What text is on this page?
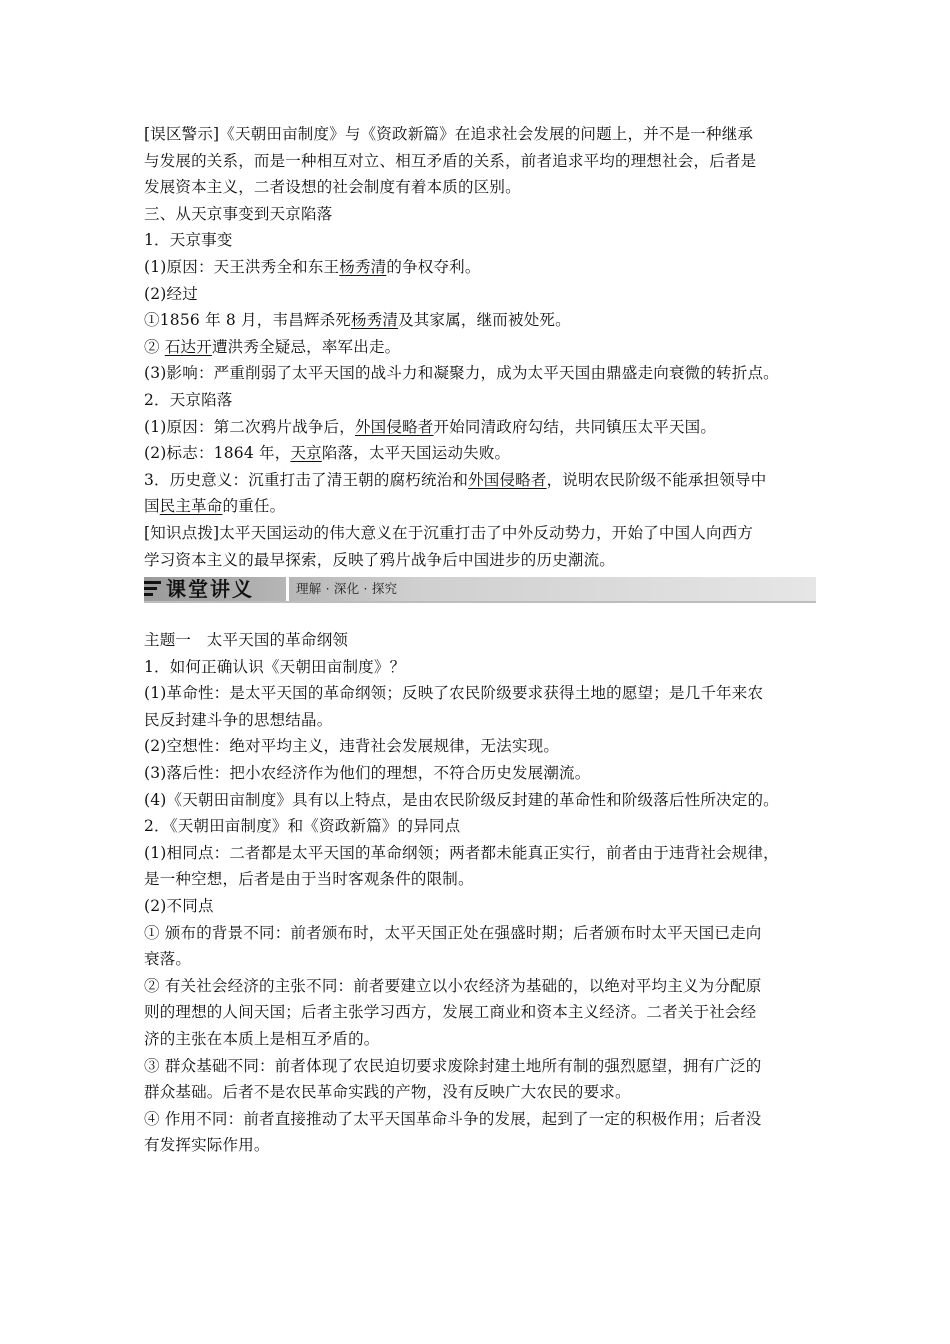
[误区警示]《天朝田亩制度》与《资政新篇》在追求社会发展的问题上，并不是一种继承

与发展的关系，而是一种相互对立、相互矛盾的关系，前者追求平均的理想社会，后者是

发展资本主义，二者设想的社会制度有着本质的区别。

三、从天京事变到天京陷落

1．天京事变

(1)原因：天王洪秀全和东王杨秀清的争权夺利。

(2)经过

①1856 年 8 月，韦昌辉杀死杨秀清及其家属，继而被处死。

② 石达开遭洪秀全疑忌，率军出走。

(3)影响：严重削弱了太平天国的战斗力和凝聚力，成为太平天国由鼎盛走向衰微的转折点。

2．天京陷落

(1)原因：第二次鸦片战争后，外国侵略者开始同清政府勾结，共同镇压太平天国。

(2)标志：1864 年，天京陷落，太平天国运动失败。

3．历史意义：沉重打击了清王朝的腐朽统治和外国侵略者，说明农民阶级不能承担领导中

国民主革命的重任。

[知识点拨]太平天国运动的伟大意义在于沉重打击了中外反动势力，开始了中国人向西方

学习资本主义的最早探索，反映了鸦片战争后中国进步的历史潮流。

课堂讲义	理解 · 深化 · 探究

主题一　太平天国的革命纲领

1．如何正确认识《天朝田亩制度》？

(1)革命性：是太平天国的革命纲领；反映了农民阶级要求获得土地的愿望；是几千年来农

民反封建斗争的思想结晶。

(2)空想性：绝对平均主义，违背社会发展规律，无法实现。

(3)落后性：把小农经济作为他们的理想，不符合历史发展潮流。

(4)《天朝田亩制度》具有以上特点，是由农民阶级反封建的革命性和阶级落后性所决定的。

2．《天朝田亩制度》和《资政新篇》的异同点

(1)相同点：二者都是太平天国的革命纲领；两者都未能真正实行，前者由于违背社会规律，

是一种空想，后者是由于当时客观条件的限制。

(2)不同点

① 颁布的背景不同：前者颁布时，太平天国正处在强盛时期；后者颁布时太平天国已走向

衰落。

② 有关社会经济的主张不同：前者要建立以小农经济为基础的，以绝对平均主义为分配原

则的理想的人间天国；后者主张学习西方，发展工商业和资本主义经济。二者关于社会经

济的主张在本质上是相互矛盾的。

③ 群众基础不同：前者体现了农民迫切要求废除封建土地所有制的强烈愿望，拥有广泛的

群众基础。后者不是农民革命实践的产物，没有反映广大农民的要求。

④ 作用不同：前者直接推动了太平天国革命斗争的发展，起到了一定的积极作用；后者没

有发挥实际作用。
